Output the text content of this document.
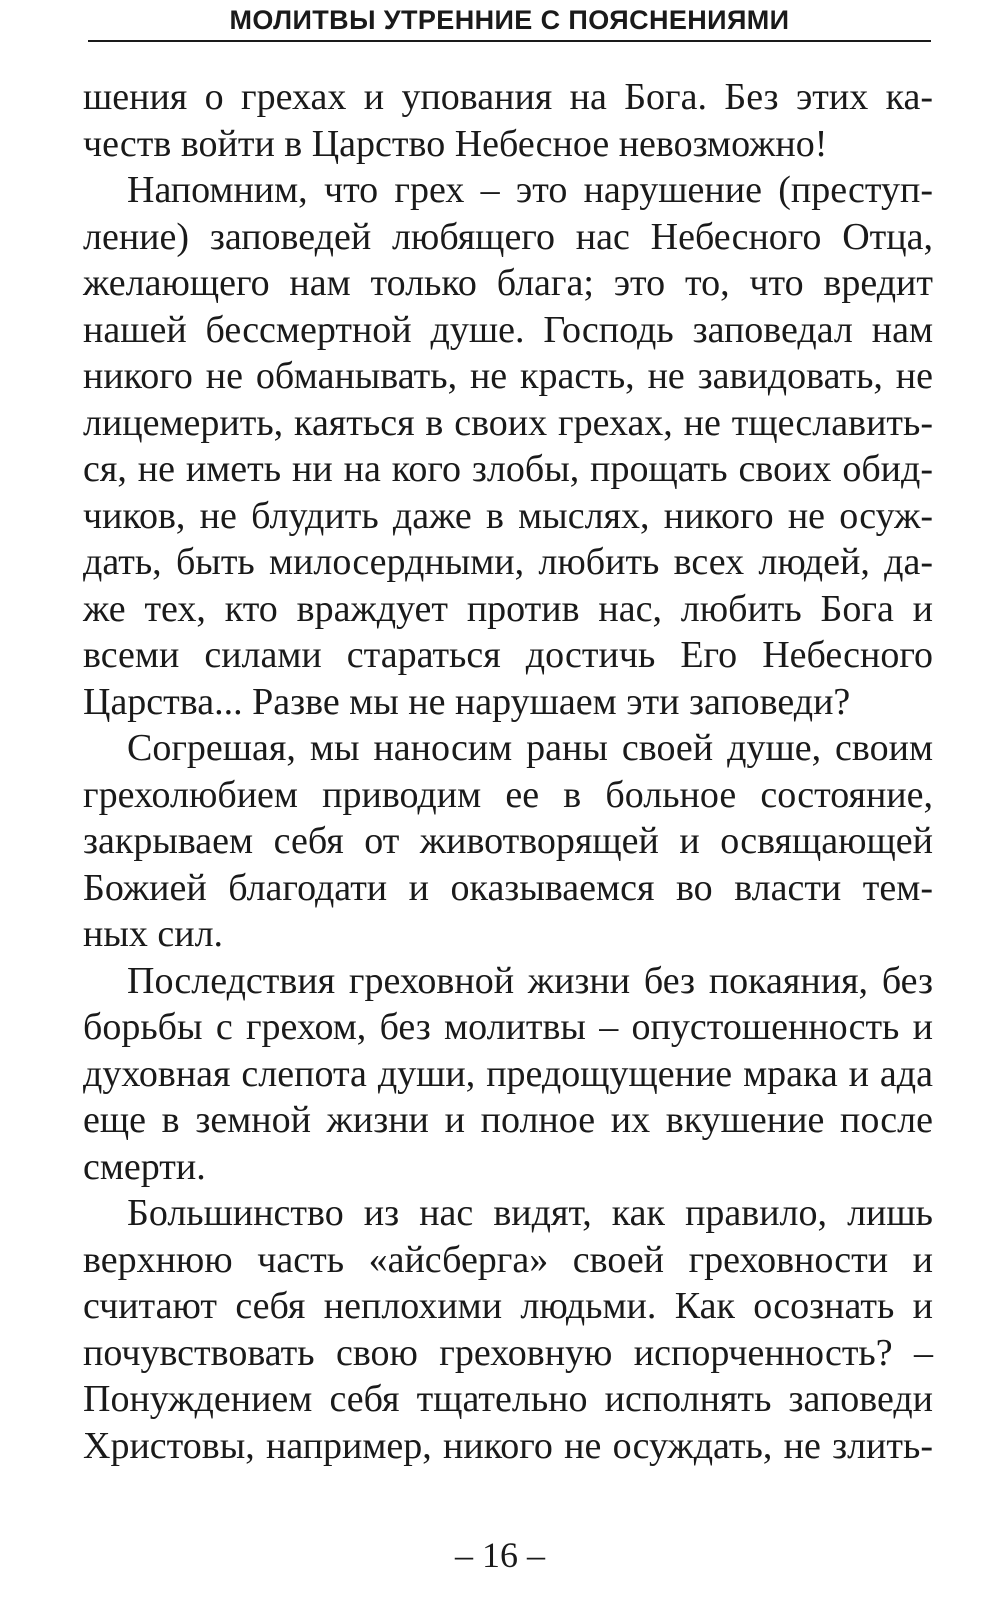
МОЛИТВЫ УТРЕННИЕ С ПОЯСНЕНИЯМИ
шения о грехах и упования на Бога. Без этих ка-
честв войти в Царство Небесное невозможно!
Напомним, что грех – это нарушение (преступ-
ление) заповедей любящего нас Небесного Отца,
желающего нам только блага; это то, что вредит
нашей бессмертной душе. Господь заповедал нам
никого не обманывать, не красть, не завидовать, не
лицемерить, каяться в своих грехах, не тщеславить-
ся, не иметь ни на кого злобы, прощать своих обид-
чиков, не блудить даже в мыслях, никого не осуж-
дать, быть милосердными, любить всех людей, да-
же тех, кто враждует против нас, любить Бога и
всеми силами стараться достичь Его Небесного
Царства... Разве мы не нарушаем эти заповеди?
Согрешая, мы наносим раны своей душе, своим
грехолюбием приводим ее в больное состояние,
закрываем себя от животворящей и освящающей
Божией благодати и оказываемся во власти тем-
ных сил.
Последствия греховной жизни без покаяния, без
борьбы с грехом, без молитвы – опустошенность и
духовная слепота души, предощущение мрака и ада
еще в земной жизни и полное их вкушение после
смерти.
Большинство из нас видят, как правило, лишь
верхнюю часть «айсберга» своей греховности и
считают себя неплохими людьми. Как осознать и
почувствовать свою греховную испорченность? –
Понуждением себя тщательно исполнять заповеди
Христовы, например, никого не осуждать, не злить-
– 16 –
